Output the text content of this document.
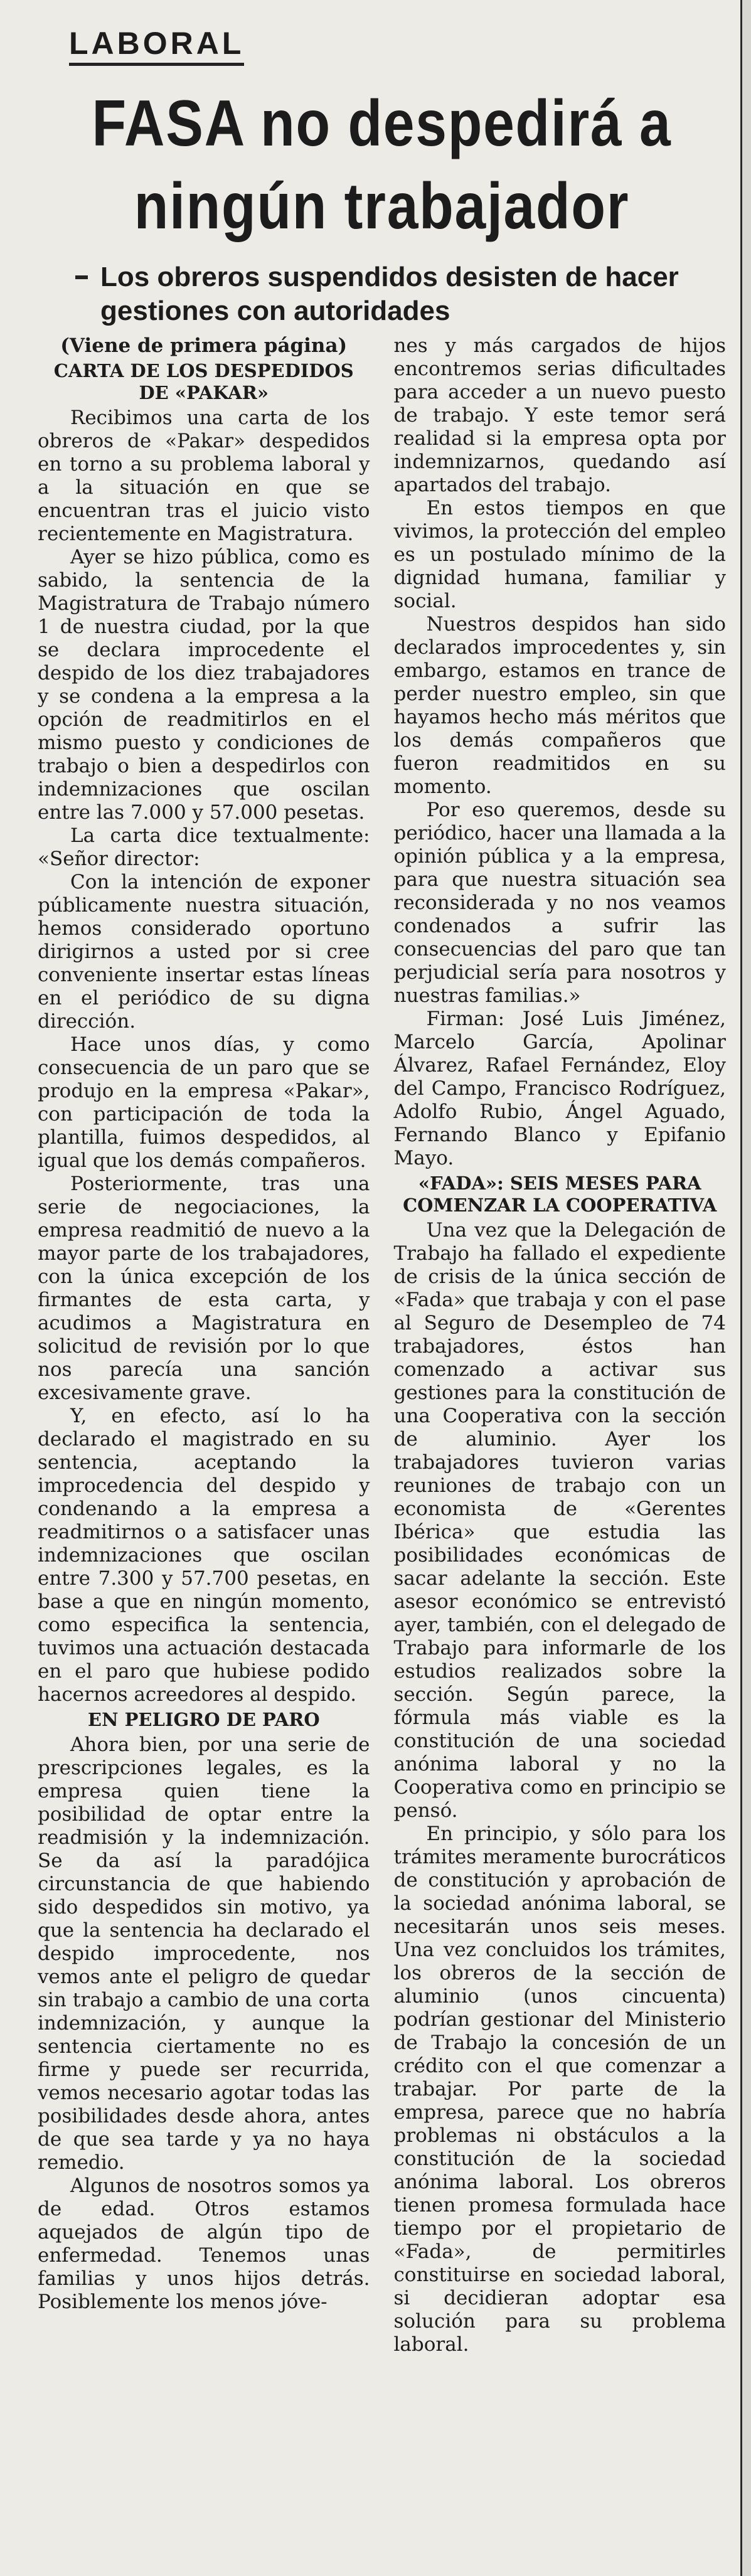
LABORAL
FASA no despedirá a ningún trabajador
Los obreros suspendidos desisten de hacer gestiones con autoridades

(Viene de primera página)

CARTA DE LOS DESPEDIDOS DE «PAKAR»

Recibimos una carta de los obreros de «Pakar» despedidos en torno a su problema laboral y a la situación en que se encuentran tras el juicio visto recientemente en Magistratura.

Ayer se hizo pública, como es sabido, la sentencia de la Magistratura de Trabajo número 1 de nuestra ciudad, por la que se declara improcedente el despido de los diez trabajadores y se condena a la empresa a la opción de readmitirlos en el mismo puesto y condiciones de trabajo o bien a despedirlos con indemnizaciones que oscilan entre las 7.000 y 57.000 pesetas.

La carta dice textualmente: «Señor director:

Con la intención de exponer públicamente nuestra situación, hemos considerado oportuno dirigirnos a usted por si cree conveniente insertar estas líneas en el periódico de su digna dirección.

Hace unos días, y como consecuencia de un paro que se produjo en la empresa «Pakar», con participación de toda la plantilla, fuimos despedidos, al igual que los demás compañeros.

Posteriormente, tras una serie de negociaciones, la empresa readmitió de nuevo a la mayor parte de los trabajadores, con la única excepción de los firmantes de esta carta, y acudimos a Magistratura en solicitud de revisión por lo que nos parecía una sanción excesivamente grave.

Y, en efecto, así lo ha declarado el magistrado en su sentencia, aceptando la improcedencia del despido y condenando a la empresa a readmitirnos o a satisfacer unas indemnizaciones que oscilan entre 7.300 y 57.700 pesetas, en base a que en ningún momento, como especifica la sentencia, tuvimos una actuación destacada en el paro que hubiese podido hacernos acreedores al despido.

EN PELIGRO DE PARO

Ahora bien, por una serie de prescripciones legales, es la empresa quien tiene la posibilidad de optar entre la readmisión y la indemnización. Se da así la paradójica circunstancia de que habiendo sido despedidos sin motivo, ya que la sentencia ha declarado el despido improcedente, nos vemos ante el peligro de quedar sin trabajo a cambio de una corta indemnización, y aunque la sentencia ciertamente no es firme y puede ser recurrida, vemos necesario agotar todas las posibilidades desde ahora, antes de que sea tarde y ya no haya remedio.

Algunos de nosotros somos ya de edad. Otros estamos aquejados de algún tipo de enfermedad. Tenemos unas familias y unos hijos detrás. Posiblemente los menos jóve-

nes y más cargados de hijos encontremos serias dificultades para acceder a un nuevo puesto de trabajo. Y este temor será realidad si la empresa opta por indemnizarnos, quedando así apartados del trabajo.

En estos tiempos en que vivimos, la protección del empleo es un postulado mínimo de la dignidad humana, familiar y social.

Nuestros despidos han sido declarados improcedentes y, sin embargo, estamos en trance de perder nuestro empleo, sin que hayamos hecho más méritos que los demás compañeros que fueron readmitidos en su momento.

Por eso queremos, desde su periódico, hacer una llamada a la opinión pública y a la empresa, para que nuestra situación sea reconsiderada y no nos veamos condenados a sufrir las consecuencias del paro que tan perjudicial sería para nosotros y nuestras familias.»

Firman: José Luis Jiménez, Marcelo García, Apolinar Álvarez, Rafael Fernández, Eloy del Campo, Francisco Rodríguez, Adolfo Rubio, Ángel Aguado, Fernando Blanco y Epifanio Mayo.

«FADA»: SEIS MESES PARA COMENZAR LA COOPERATIVA

Una vez que la Delegación de Trabajo ha fallado el expediente de crisis de la única sección de «Fada» que trabaja y con el pase al Seguro de Desempleo de 74 trabajadores, éstos han comenzado a activar sus gestiones para la constitución de una Cooperativa con la sección de aluminio. Ayer los trabajadores tuvieron varias reuniones de trabajo con un economista de «Gerentes Ibérica» que estudia las posibilidades económicas de sacar adelante la sección. Este asesor económico se entrevistó ayer, también, con el delegado de Trabajo para informarle de los estudios realizados sobre la sección. Según parece, la fórmula más viable es la constitución de una sociedad anónima laboral y no la Cooperativa como en principio se pensó.

En principio, y sólo para los trámites meramente burocráticos de constitución y aprobación de la sociedad anónima laboral, se necesitarán unos seis meses. Una vez concluidos los trámites, los obreros de la sección de aluminio (unos cincuenta) podrían gestionar del Ministerio de Trabajo la concesión de un crédito con el que comenzar a trabajar. Por parte de la empresa, parece que no habría problemas ni obstáculos a la constitución de la sociedad anónima laboral. Los obreros tienen promesa formulada hace tiempo por el propietario de «Fada», de permitirles constituirse en sociedad laboral, si decidieran adoptar esa solución para su problema laboral.
